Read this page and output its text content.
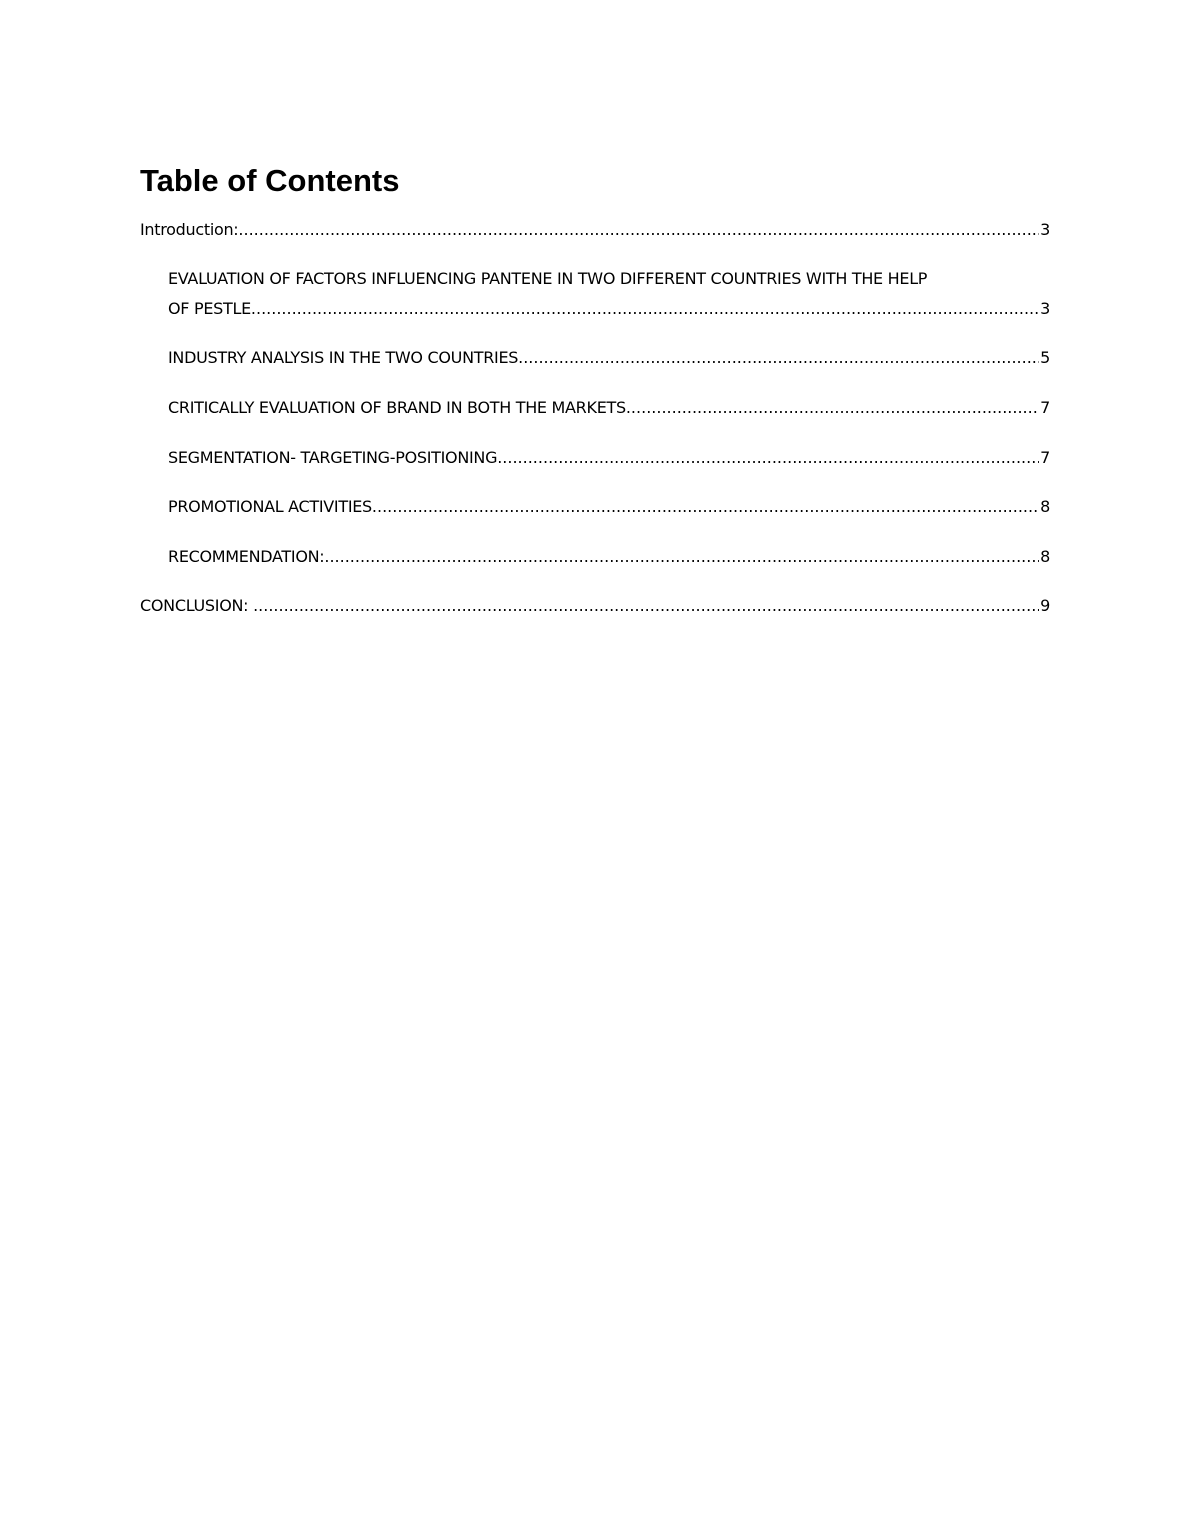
Table of Contents
Introduction: .....	3
EVALUATION OF FACTORS INFLUENCING PANTENE IN TWO DIFFERENT COUNTRIES WITH THE HELP
OF PESTLE .....	3
INDUSTRY ANALYSIS IN THE TWO COUNTRIES .....	5
CRITICALLY EVALUATION OF BRAND IN BOTH THE MARKETS .....	7
SEGMENTATION- TARGETING-POSITIONING .....	7
PROMOTIONAL ACTIVITIES .....	8
RECOMMENDATION: .....	8
CONCLUSION: .....	9
